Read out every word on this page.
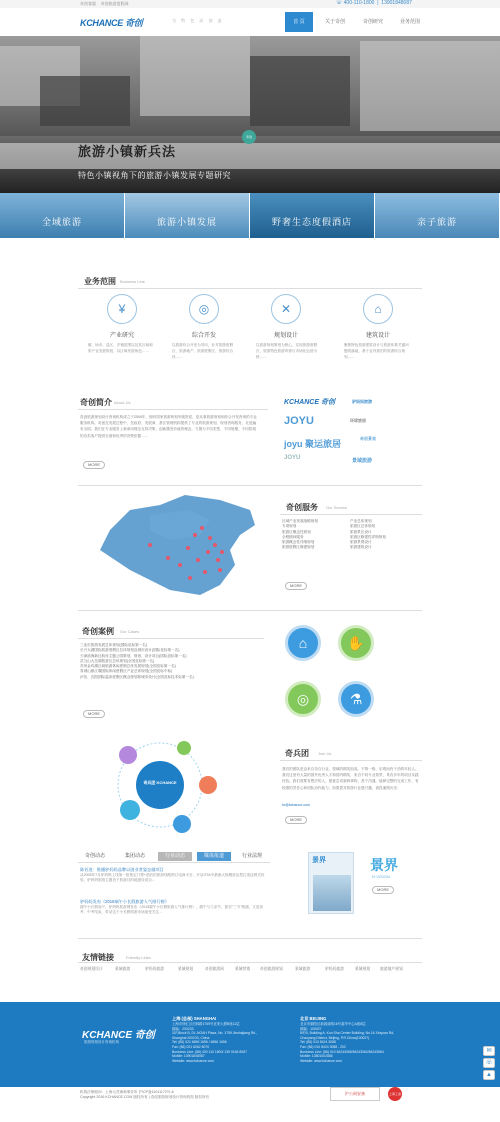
奇创客服 奇创旅游度假网	☏ 400-110-1800  |  13901848087
KCHANCE 奇创	为 特 色 而 创 造	首 页	关于奇创	奇创研究	业务范围
奇创
旅游小镇新兵法
特色小镇视角下的旅游小镇发展专题研究
全域旅游	旅游小镇发展	野奢生态度假酒店	亲子旅游
业务范围 Business Line
¥
产业研究
镇、场市、县区、乡镇范围以及其区域和旅产业发展规划，以区域发展角色……
◎
综合开发
以旅游综合开发为导向，针对旅游度假区、旅游地产、旅游度假区、旅游综合体……
✕
规划设计
以旅游规划策划为核心，实现旅游度假区、旅游特色旅游风格与市场化运营为核……
⌂
建筑设计
聚焦特色旅游建筑设计与旅游体系关键问题的落地，基于业内我们的旅游综合规划……
奇创简介 About Us
奇创旅游规划设计咨询机构成立于2004年，拥有国家旅游规划甲级资质，是从事旅游规划和综合开发咨询的专业服务机构。奇创在发展过程中，先政府、发展商、基区管理机构提供了专业的旅游规划、规划咨询服务，足迹遍布全国。我们在专业服务上秉承用理念支持决策，创新激发价值的理念，力图为不同类型、不同规模、不同阶段的各类客户提供全面和优秀的决策依据……
MORE
KCHANCE 奇创	驴妈妈旅游
JOYU	环球旅居
joyu 聚运旅居
奇创景观
JOYU	景域旅游
奇创服务 Our Service
区域产业发展战略规划
专项规划
旅游区概念性规划
全程顾问服务
旅游概念性详细规划
旅游度假区修建规划
产业总体规划
旅游区总体规划
旅游景区设计
旅游区修建性详细规划
旅游景观设计
旅游建筑设计
MORE
奇创案例 Our Cases
三亚市旅游发展总体规划(国际竞标第一名)
长兴大湖国际旅游度假区总体规划及城市设计(国际竞标第一名)
天津滨海新区航母主题公园策划、规划、设计项目(国际竞标第一名)
武当山大岳湖旅游区总体规划(全国竞标第一名)
苏州金鸡湖区域旅游休闲度假总体发展规划(全国竞标第一名)
青城山都江堰国际休闲度假区产业总体规划(全国竞标中标)
泸沽、沈阳国际温泉度假区概念规划和城市设计(全国竞标技术标第一名)
MORE
⌂	✋
◎	⚗
奇兵团 KCHANCE
奇兵团 Join Us
我们的团队是由来自各自行业、领域的精英组成。不拘一格、乐观而有干劲的年轻人。我们这里有大量的国外优秀人才和国内精英，来自不同专业背景，具有多年的项目实践经验。我们需要有想法的人，愿意尝试新鲜事物，善于沟通，能够完整的完成工作，有较强的责任心和团队协作能力。如果您对旅游行业感兴趣，请投递简历至：
hr@kchance.com
MORE
奇创动态	集团动态	行业动态	媒体报道	行业法规
陈若进：推播驴妈妈品牌以创业者姿态做项目
从2005年7月驴妈妈上线第一批预定门票+酒店的旅游线路预订电商平台，开启OTA中最流大规模营运型打造连锁式体验，驴妈妈旅游主题首于旅游目的地建设项目…
驴妈妈发布《2015端午小长假旅游人气排行榜》
端午小长假前夕，驴妈妈旅游网发布《2015端午小长假旅游人气排行榜》，端午与父亲节、夏至"三节"相遇，又是高考、中考结束，带动这个小长假旅游市场备受关注…
景界	景界
N·VISION
MORE
友情链接	Friendly Links
奇创规划设计	景域旅游	驴妈妈旅游	景域规划	奇创旅游网	景域营销	奇创旅游规划	景域旅游	驴妈妈旅游	景域规划	旅游地产规划
KCHANCE 奇创
旅游规划设计咨询机构
上海 (总部) SHANGHAI
上海市徐汇区田林路1759号宜家大厦B座11层
邮编：200233
11F,Block B, DL-NOAH Plaza, No. 1759 Jinshajiang Rd.,
Shanghai 200233, China
Tel: (86) 021 6656 1656 / 6656 1656
Fax: (86) 021 6262 8070
Business Line: (86) 400 110 1800/ 139 0184 8087
Mobile: 13901848087
Website: www.kchance.com
北京 BEIJING
北京市朝阳区新源南路16号嘉华中心A座8层
邮编：100027
8/F,B, Building A, Kun Sha Center Building, No.16 Xinyuan Rd,
Chaoyang District, Beijing, P.R.China(100027)
Tel: (86) 010 8424 3088
Fax: (86) 010 8424 3088 - 202
Business Line: (86) 010 84243065/84243062/84243684
Mobile: 13801002886
Website: www.kchance.com
机构法律顾问：上海元茂律师事务所 沪ICP备11011172号-6
Copyright 2016 KCHANCE.COM 版权所有 | 奇创旅游规划设计咨询机构 版权所有
沪公网安备	上海工商
✉
☏
▲
